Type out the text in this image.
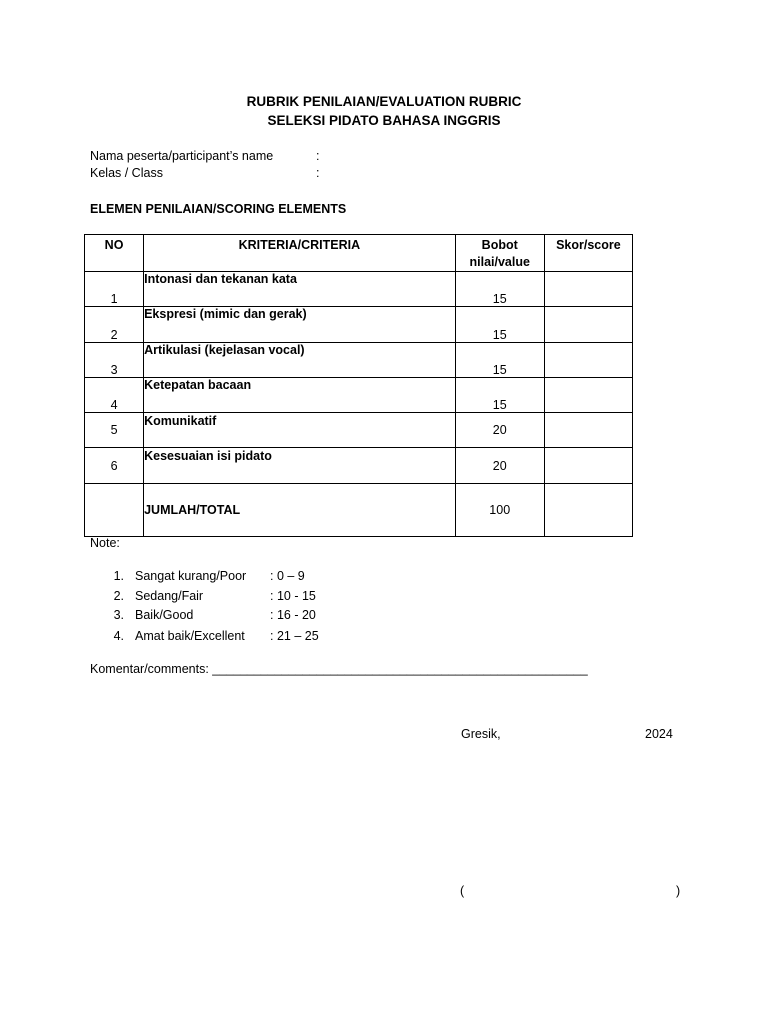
RUBRIK PENILAIAN/EVALUATION RUBRIC
SELEKSI PIDATO BAHASA INGGRIS
Nama peserta/participant’s name	:
Kelas / Class	:
ELEMEN PENILAIAN/SCORING ELEMENTS
NO	KRITERIA/CRITERIA	Bobot nilai/value	Skor/score
1	Intonasi dan tekanan kata	15	
2	Ekspresi (mimic dan gerak)	15	
3	Artikulasi (kejelasan vocal)	15	
4	Ketepatan bacaan	15	
5	Komunikatif	20	
6	Kesesuaian isi pidato	20	
	JUMLAH/TOTAL	100	
Note:
1. Sangat kurang/Poor : 0 – 9
2. Sedang/Fair	: 10 - 15
3. Baik/Good	: 16 - 20
4. Amat baik/Excellent : 21 – 25
Komentar/comments: ______________________________________________________
Gresik,	2024
(	)
